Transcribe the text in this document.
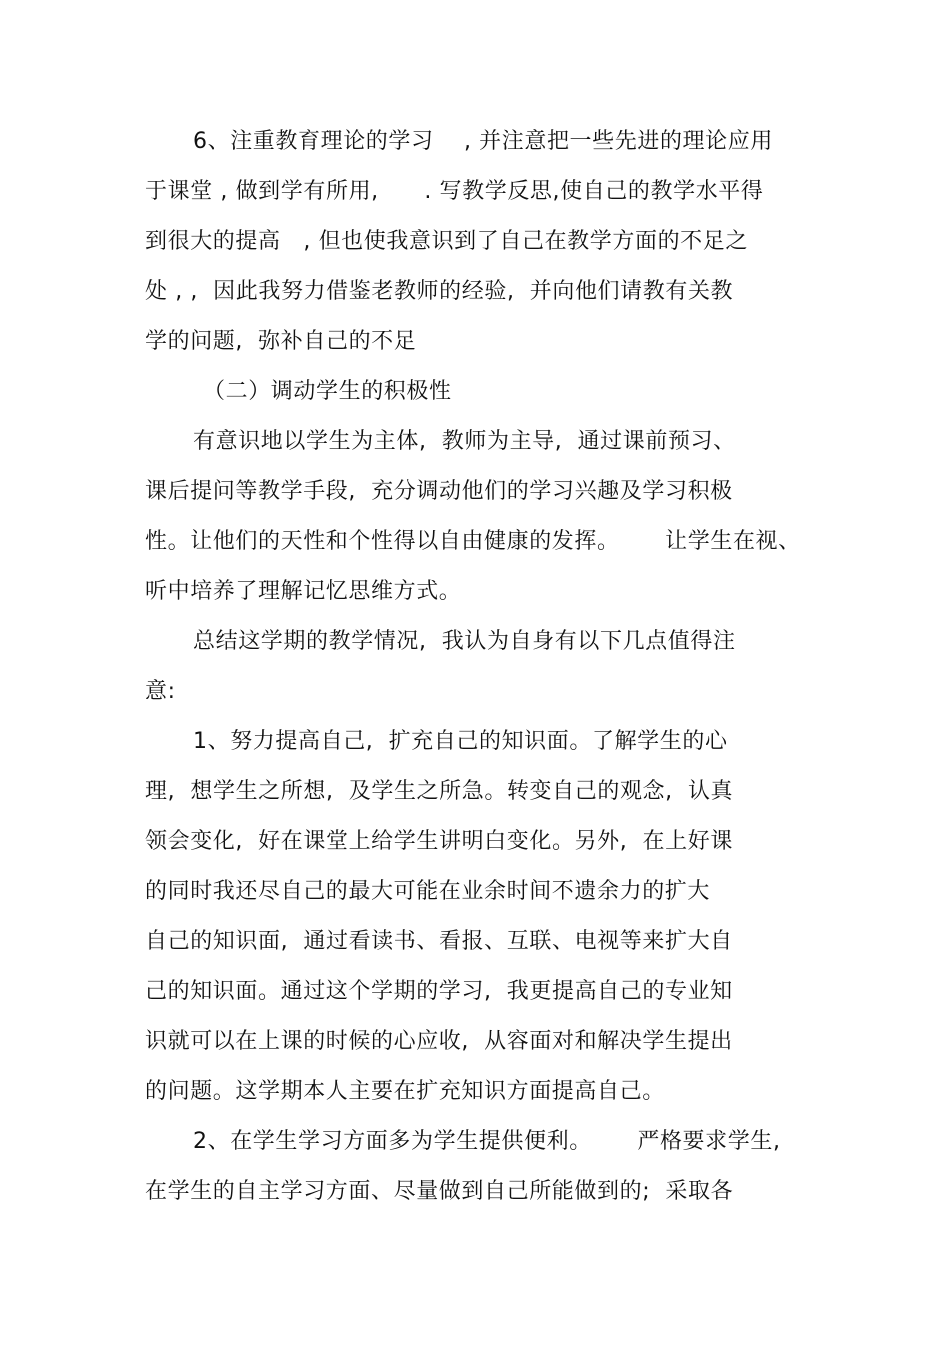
6、注重教育理论的学习    , 并注意把一些先进的理论应用
于课堂 , 做到学有所用,      . 写教学反思,使自己的教学水平得
到很大的提高   , 但也使我意识到了自己在教学方面的不足之
处 , ,  因此我努力借鉴老教师的经验,  并向他们请教有关教
学的问题,  弥补自己的不足
（二）调动学生的积极性
有意识地以学生为主体,  教师为主导,  通过课前预习、
课后提问等教学手段,  充分调动他们的学习兴趣及学习积极
性。让他们的天性和个性得以自由健康的发挥。      让学生在视、
听中培养了理解记忆思维方式。
总结这学期的教学情况,  我认为自身有以下几点值得注
意:
1、努力提高自己,  扩充自己的知识面。了解学生的心
理,  想学生之所想,  及学生之所急。转变自己的观念,  认真
领会变化,  好在课堂上给学生讲明白变化。另外,  在上好课
的同时我还尽自己的最大可能在业余时间不遗余力的扩大
自己的知识面,  通过看读书、看报、互联、电视等来扩大自
己的知识面。通过这个学期的学习,  我更提高自己的专业知
识就可以在上课的时候的心应收,  从容面对和解决学生提出
的问题。这学期本人主要在扩充知识方面提高自己。
2、在学生学习方面多为学生提供便利。      严格要求学生,
在学生的自主学习方面、尽量做到自己所能做到的;  采取各
